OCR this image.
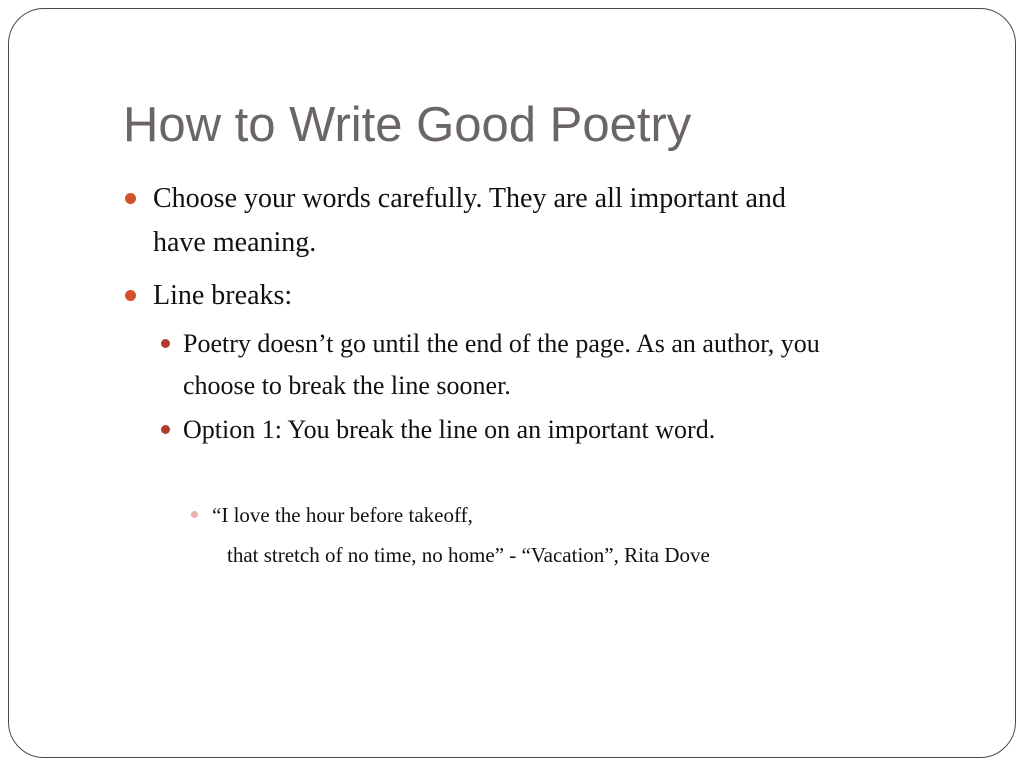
How to Write Good Poetry
Choose your words carefully. They are all important and
have meaning.
Line breaks:
Poetry doesn’t go until the end of the page. As an author, you
choose to break the line sooner.
Option 1: You break the line on an important word.
“I love the hour before takeoff,
that stretch of no time, no home” - “Vacation”, Rita Dove
